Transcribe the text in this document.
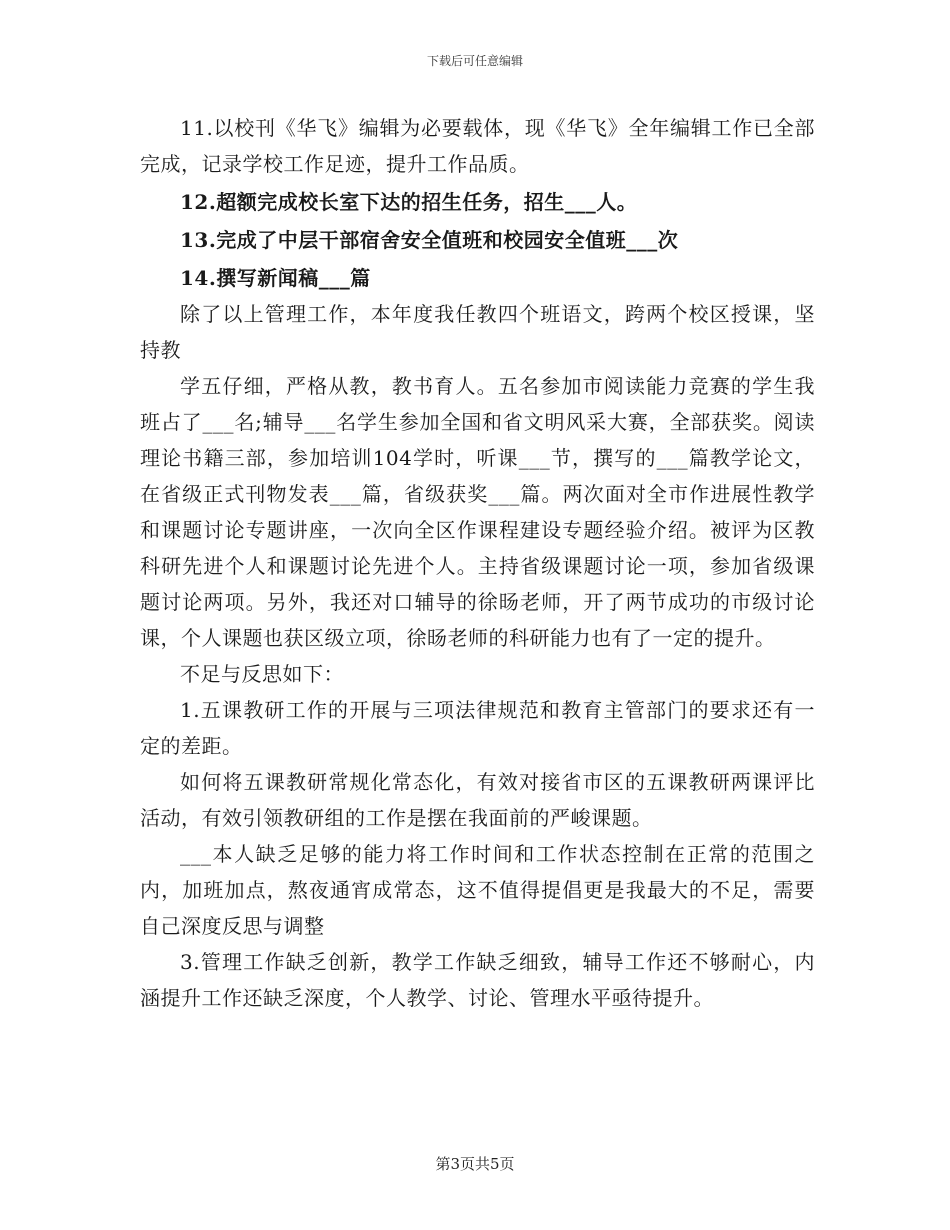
下载后可任意编辑

11.以校刊《华飞》编辑为必要载体，现《华飞》全年编辑工作已全部完成，记录学校工作足迹，提升工作品质。

12.超额完成校长室下达的招生任务，招生___人。

13.完成了中层干部宿舍安全值班和校园安全值班___次

14.撰写新闻稿___篇

除了以上管理工作，本年度我任教四个班语文，跨两个校区授课，坚持教

学五仔细，严格从教，教书育人。五名参加市阅读能力竞赛的学生我班占了___名;辅导___名学生参加全国和省文明风采大赛，全部获奖。阅读理论书籍三部，参加培训104学时，听课___节，撰写的___篇教学论文，在省级正式刊物发表___篇，省级获奖___篇。两次面对全市作进展性教学和课题讨论专题讲座，一次向全区作课程建设专题经验介绍。被评为区教科研先进个人和课题讨论先进个人。主持省级课题讨论一项，参加省级课题讨论两项。另外，我还对口辅导的徐旸老师，开了两节成功的市级讨论课，个人课题也获区级立项，徐旸老师的科研能力也有了一定的提升。

不足与反思如下：

1.五课教研工作的开展与三项法律规范和教育主管部门的要求还有一定的差距。

如何将五课教研常规化常态化，有效对接省市区的五课教研两课评比活动，有效引领教研组的工作是摆在我面前的严峻课题。

___本人缺乏足够的能力将工作时间和工作状态控制在正常的范围之内，加班加点，熬夜通宵成常态，这不值得提倡更是我最大的不足，需要自己深度反思与调整

3.管理工作缺乏创新，教学工作缺乏细致，辅导工作还不够耐心，内涵提升工作还缺乏深度，个人教学、讨论、管理水平亟待提升。

第3页共5页
